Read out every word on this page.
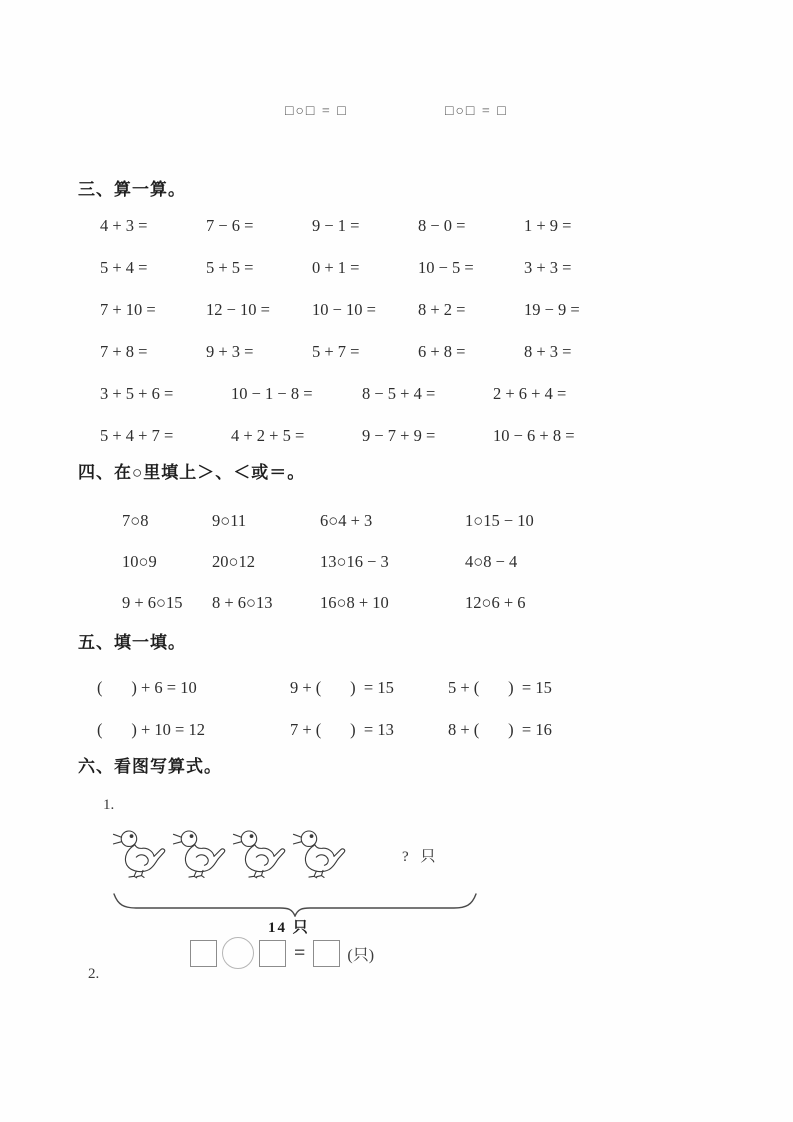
□○□ = □	□○□ = □
三、算一算。
4 + 3 =	7 − 6 =	9 − 1 =	8 − 0 =	1 + 9 =
5 + 4 =	5 + 5 =	0 + 1 =	10 − 5 =	3 + 3 =
7 + 10 =	12 − 10 =	10 − 10 =	8 + 2 =	19 − 9 =
7 + 8 =	9 + 3 =	5 + 7 =	6 + 8 =	8 + 3 =
3 + 5 + 6 =	10 − 1 − 8 =	8 − 5 + 4 =	2 + 6 + 4 =
5 + 4 + 7 =	4 + 2 + 5 =	9 − 7 + 9 =	10 − 6 + 8 =
四、在○里填上＞、＜或＝。
7○8	9○11	6○4 + 3	1○15 − 10
10○9	20○12	13○16 − 3	4○8 − 4
9 + 6○15	8 + 6○13	16○8 + 10	12○6 + 6
五、填一填。
(       ) + 6 = 10	9 + (       )  = 15	5 + (       )  = 15
(       ) + 10 = 12	7 + (       )  = 13	8 + (       )  = 16
六、看图写算式。
1.
? 只
14 只
=	(只)
2.
